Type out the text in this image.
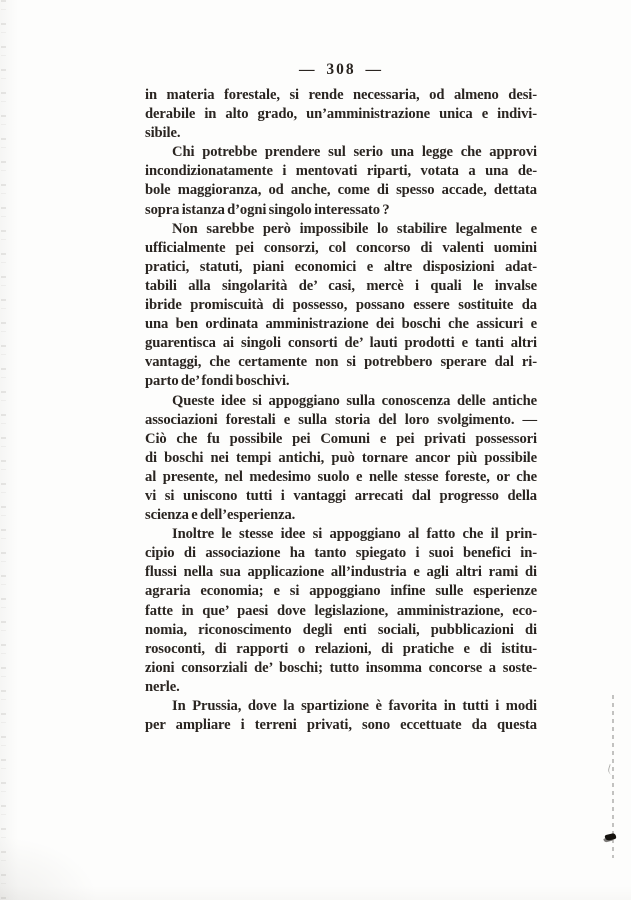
— 308 —
in materia forestale, si rende necessaria, od almeno desi-
derabile in alto grado, un’amministrazione unica e indivi-
sibile.
Chi potrebbe prendere sul serio una legge che approvi
incondizionatamente i mentovati riparti, votata a una de-
bole maggioranza, od anche, come di spesso accade, dettata
sopra istanza d’ogni singolo interessato ?
Non sarebbe però impossibile lo stabilire legalmente e
ufficialmente pei consorzi, col concorso di valenti uomini
pratici, statuti, piani economici e altre disposizioni adat-
tabili alla singolarità de’ casi, mercè i quali le invalse
ibride promiscuità di possesso, possano essere sostituite da
una ben ordinata amministrazione dei boschi che assicuri e
guarentisca ai singoli consorti de’ lauti prodotti e tanti altri
vantaggi, che certamente non si potrebbero sperare dal ri-
parto de’ fondi boschivi.
Queste idee si appoggiano sulla conoscenza delle antiche
associazioni forestali e sulla storia del loro svolgimento. —
Ciò che fu possibile pei Comuni e pei privati possessori
di boschi nei tempi antichi, può tornare ancor più possibile
al presente, nel medesimo suolo e nelle stesse foreste, or che
vi si uniscono tutti i vantaggi arrecati dal progresso della
scienza e dell’esperienza.
Inoltre le stesse idee si appoggiano al fatto che il prin-
cipio di associazione ha tanto spiegato i suoi benefici in-
flussi nella sua applicazione all’industria e agli altri rami di
agraria economia; e si appoggiano infine sulle esperienze
fatte in que’ paesi dove legislazione, amministrazione, eco-
nomia, riconoscimento degli enti sociali, pubblicazioni di
rosoconti, di rapporti o relazioni, di pratiche e di istitu-
zioni consorziali de’ boschi; tutto insomma concorse a soste-
nerle.
In Prussia, dove la spartizione è favorita in tutti i modi
per ampliare i terreni privati, sono eccettuate da questa
